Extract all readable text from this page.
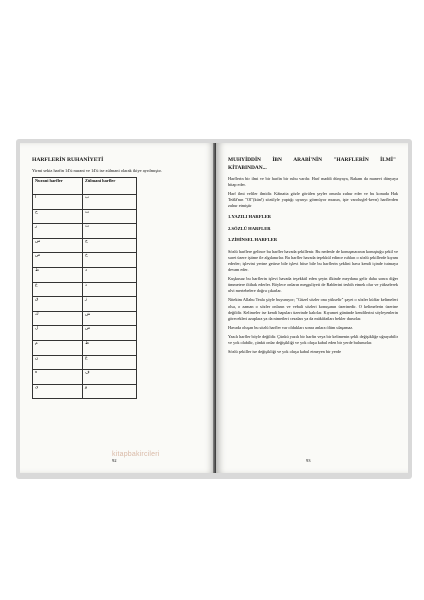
HARFLERİN RUHANİYETİ
Yirmi sekiz harfin 14'ü nurani ve 14'ü ise zülmani olarak ikiye ayrılmıştır.
Nurani harfler	Zülmani harfler
ا	ب
ح	ت
ر	ث
س	ج
ص	خ
ط	د
ع	ذ
ق	ز
ك	ش
ل	ض
م	ظ
ن	غ
ه	ف
ى	و
92
MUHYİDDİN İBN ARABİ'NİN "HARFLERİN İLMİ"
KİTABINDAN...

Harflerin bir ilmi ve bir harfin bir ruhu vardır. Harf maddi dünyaya, Rakam da manevi dünyaya bitap eder.

Harf ilmi veliler ilmidir. Kâinatta gözle görülen şeyler onunla zuhur eder ve bu konuda Hak Teâlâ'nın "Ol"(kün!) sözülyle yaptığı uyarıyı görmüyor musun, işte varoluş(el-kevn) harflerden zuhur etmiştir

1.YAZILI HARFLER
2.SÖZLÜ HARFLER
3.ZİHİNSEL HARFLER

Sözlü harflere gelince bu harfler havada şekillenir. Bu nedenle de konuşmacının konuştuğu şekil ve suret üzere işitme ile algılanırlar. Bu harfler havada teşekkül edince ruhları o sözlü şekillerde kıyam ederler; işlevini yerine getirse bile işlevi bitse bile bu harflerin şeklini hava kendi içinde tutmaya devam eder.

Kuşkusuz bu harflerin işlevi havada teşekkül eden şeyin ilkinde meydana gelir daha sonra diğer ümmetere iltihak ederler. Böylece onların meşguliyeti de Rablerini tesbih etmek olur ve yükselerek ulvi mertebelere doğru çıkarlar.

Nitekim Allahu Teala şöyle buyuruyor; "Güzel sözler ona yükselir" şayet o sözler küffar kelimeleri olsa, o zaman o sözler onların ve vebali sözleri konuşanın üzerinedir. O kelimelerin üzerine değildir. Kelimeler ise kendi hapsları üzerinde kalırlar. Kıyamet gününde kendilerini söyleyenlerin görecekleri azaplara ya da nimetleri cezaları ya da mükâfatları bekler dururlar.

Havada oluşan bu sözlü harfler var oldukları sonra anlara ölüm ulaşamaz.

Yazılı harfler böyle değildir. Çünkü yazılı bir harfin veya bir kelimenin şekli değişikliğe uğrayabilir ve yok olabilir, çünkü onlar değişikliği ve yok oluşu kabul eden bir yerde bulunurlar.

Sözlü şekiller ise değişikliği ve yok oluşu kabul etmeyen bir yerde

93
kitapbakircileri
